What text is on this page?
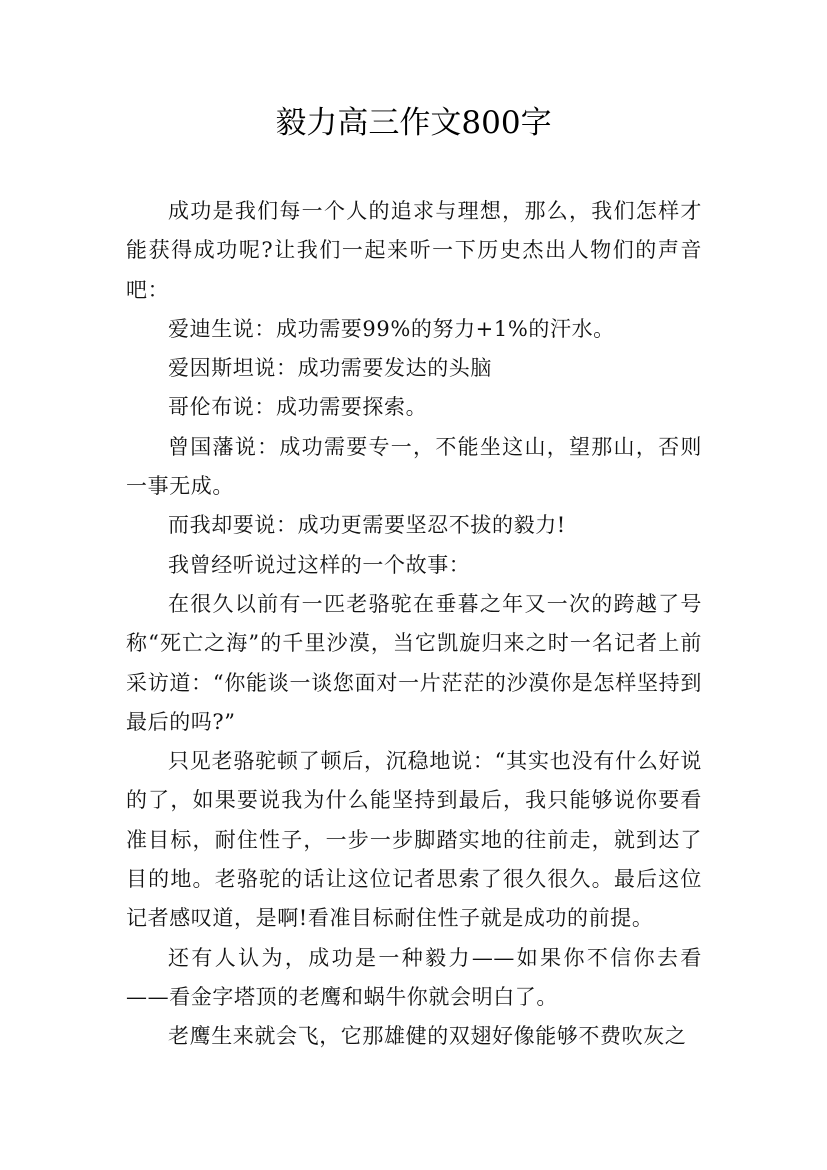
毅力高三作文800字

成功是我们每一个人的追求与理想，那么，我们怎样才能获得成功呢?让我们一起来听一下历史杰出人物们的声音吧：

爱迪生说：成功需要99%的努力+1%的汗水。

爱因斯坦说：成功需要发达的头脑

哥伦布说：成功需要探索。

曾国藩说：成功需要专一，不能坐这山，望那山，否则一事无成。

而我却要说：成功更需要坚忍不拔的毅力!

我曾经听说过这样的一个故事：

在很久以前有一匹老骆驼在垂暮之年又一次的跨越了号称“死亡之海”的千里沙漠，当它凯旋归来之时一名记者上前采访道：“你能谈一谈您面对一片茫茫的沙漠你是怎样坚持到最后的吗?”

只见老骆驼顿了顿后，沉稳地说：“其实也没有什么好说的了，如果要说我为什么能坚持到最后，我只能够说你要看准目标，耐住性子，一步一步脚踏实地的往前走，就到达了目的地。老骆驼的话让这位记者思索了很久很久。最后这位记者感叹道，是啊!看准目标耐住性子就是成功的前提。

还有人认为，成功是一种毅力——如果你不信你去看——看金字塔顶的老鹰和蜗牛你就会明白了。

老鹰生来就会飞，它那雄健的双翅好像能够不费吹灰之
